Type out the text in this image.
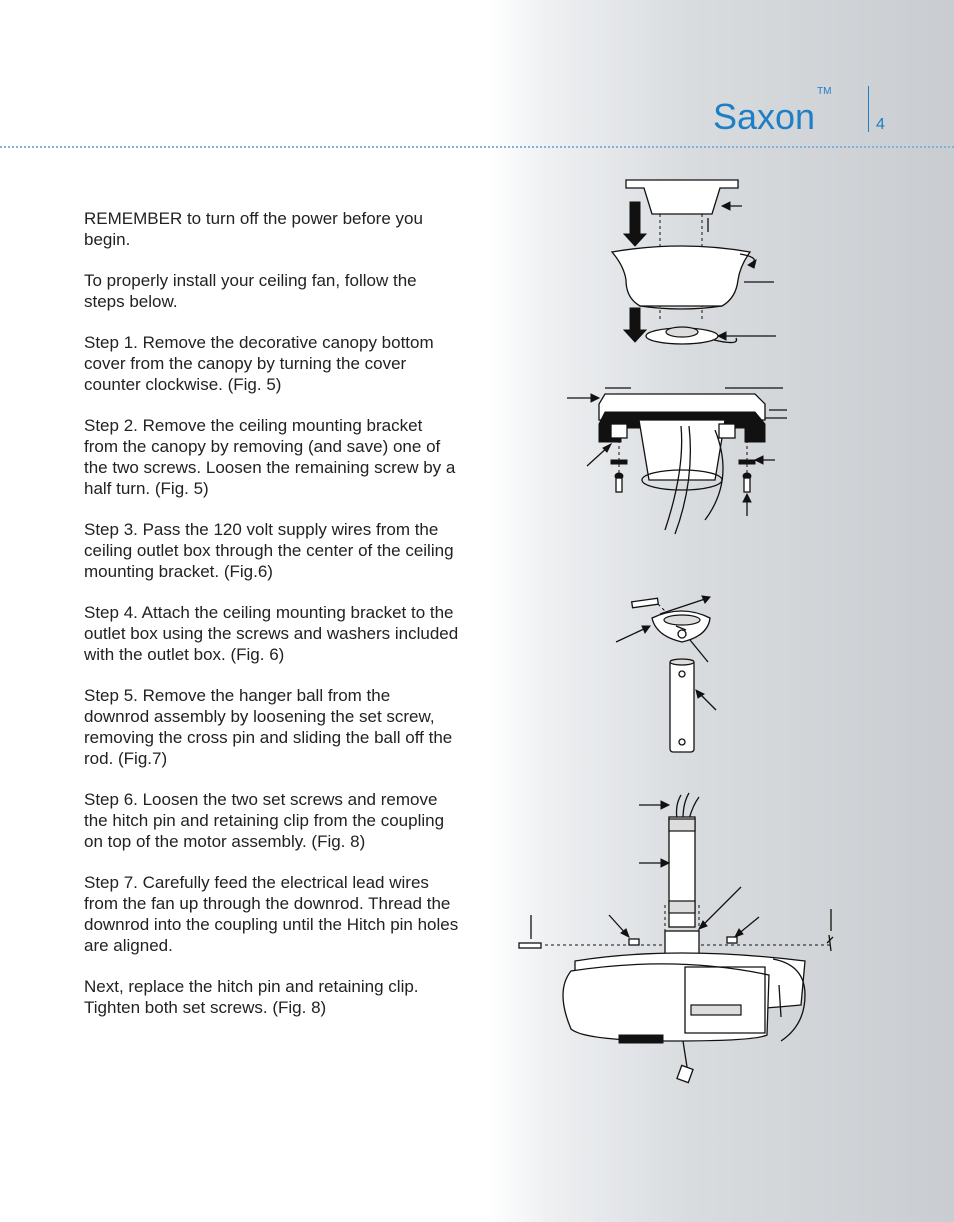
Saxon™
4

REMEMBER to turn off the power before you begin.

To properly install your ceiling fan, follow the steps below.

Step 1. Remove the decorative canopy bottom cover from the canopy by turning the cover counter clockwise. (Fig. 5)

Step 2. Remove the ceiling mounting bracket from the canopy by removing (and save) one of the two screws. Loosen the remaining screw by a half turn. (Fig. 5)

Step 3. Pass the 120 volt supply wires from the ceiling outlet box through the center of the ceiling mounting bracket. (Fig.6)

Step 4. Attach the ceiling mounting bracket to the outlet box using the screws and washers included with the outlet box. (Fig. 6)

Step 5. Remove the hanger ball from the downrod assembly by loosening the set screw, removing the cross pin and sliding the ball off the rod. (Fig.7)

Step 6. Loosen the two set screws and remove the hitch pin and retaining clip from the coupling on top of the motor assembly. (Fig. 8)

Step 7. Carefully feed the electrical lead wires from the fan up through the downrod. Thread the downrod into the coupling until the Hitch pin holes are aligned.

Next, replace the hitch pin and retaining clip. Tighten both set screws. (Fig. 8)
